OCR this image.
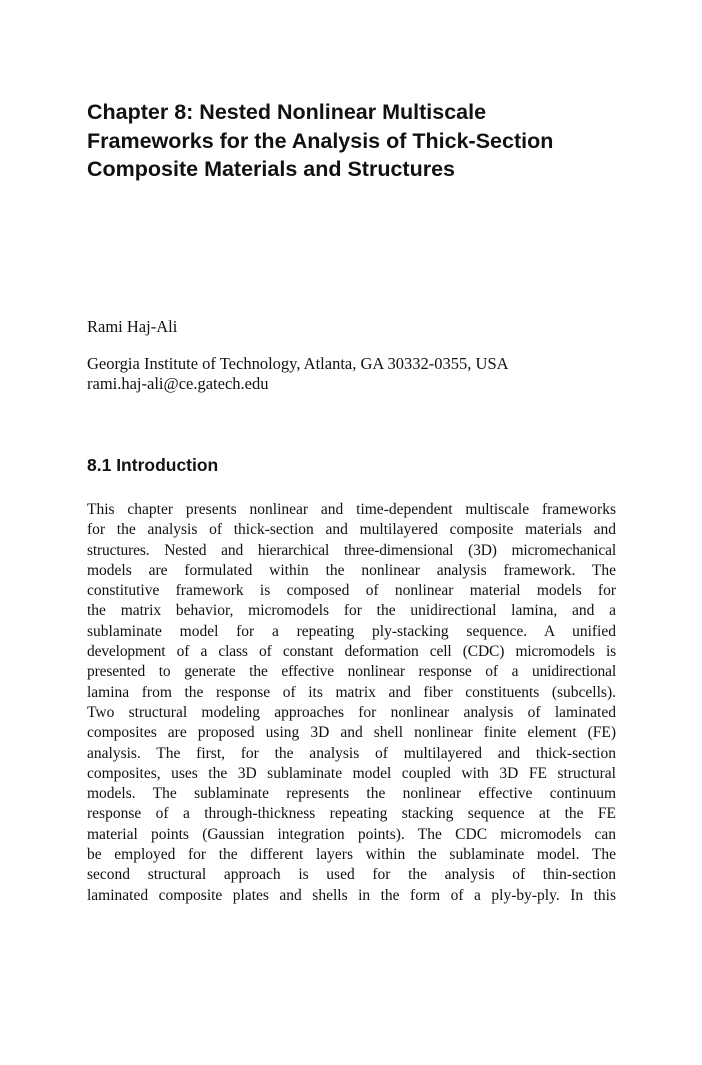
Chapter 8: Nested Nonlinear Multiscale
Frameworks for the Analysis of Thick-Section
Composite Materials and Structures
Rami Haj-Ali
Georgia Institute of Technology, Atlanta, GA 30332-0355, USA
rami.haj-ali@ce.gatech.edu
8.1 Introduction
This chapter presents nonlinear and time-dependent multiscale frameworks
for the analysis of thick-section and multilayered composite materials and
structures. Nested and hierarchical three-dimensional (3D) micromechanical
models are formulated within the nonlinear analysis framework. The
constitutive framework is composed of nonlinear material models for
the matrix behavior, micromodels for the unidirectional lamina, and a
sublaminate model for a repeating ply-stacking sequence. A unified
development of a class of constant deformation cell (CDC) micromodels is
presented to generate the effective nonlinear response of a unidirectional
lamina from the response of its matrix and fiber constituents (subcells).
Two structural modeling approaches for nonlinear analysis of laminated
composites are proposed using 3D and shell nonlinear finite element (FE)
analysis. The first, for the analysis of multilayered and thick-section
composites, uses the 3D sublaminate model coupled with 3D FE structural
models. The sublaminate represents the nonlinear effective continuum
response of a through-thickness repeating stacking sequence at the FE
material points (Gaussian integration points). The CDC micromodels can
be employed for the different layers within the sublaminate model. The
second structural approach is used for the analysis of thin-section
laminated composite plates and shells in the form of a ply-by-ply. In this
